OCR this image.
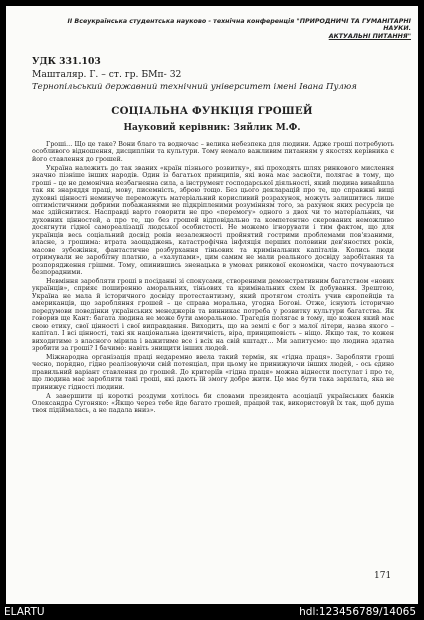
ІІ Всеукраїнська студентська науково - технічна конференція "ПРИРОДНИЧІ ТА ГУМАНІТАРНІ НАУКИ.
АКТУАЛЬНІ ПИТАННЯ"
УДК 331.103
Машталяр. Г. – ст. гр. БМп- 32
Тернопільський державний технічний університет імені Івана Пулюя
СОЦІАЛЬНА ФУНКЦІЯ ГРОШЕЙ
Науковий керівник: Зяйлик М.Ф.

Гроші… Що це таке? Вони благо та водночас – велика небезпека для людини. Адже гроші потребують особливого відношення, дисципліни та культури. Тому немало важливим питанням у якостях керівника є його ставлення до грошей.

Україна належить до так званих «країн пізнього розвитку», які проходять шлях ринкового мислення значно пізніше інших народів. Один із багатьох принципів, які вона має засвоїти, полягає в тому, що гроші – це не демонічна незбагненна сила, а інструмент господарської діяльності, який людина винайшла так як знаряддя праці, мову, писемність, зброю тощо. Без цього декларацій про те, що справжні вищі духовні цінності неминуче переможуть матеріальний корисливий розрахунок, можуть залишитись лише оптимістичними добрими побажаннями не підкріпленими розумінням того, за рахунок яких ресурсів це має здійснитися. Насправді варто говорити не про «перемогу» одного з двох чи то матеріальних, чи духовних цінностей, а про те, що без грошей відповідально та компетентно скерованих неможливо досягнути гідної самореалізації людської особистості. Не можемо ігнорувати і тим фактом, що для українців весь соціальний досвід років незалежності пройнятий гострими проблемами пов'язаними, власне, з грошима: втрата заощаджень, катастрофічна інфляція перших половини дев'яностих років, масове зубожіння, фантастичне розбурхання тіньових та кримінальних капіталів. Колись люди отримували не заробітну платню, а «халупами», цим самим не мали реального досвіду заробітання та розпорядження грішми. Тому, опинившись зненацька в умовах ринкової економіки, часто почуваються безпорадними.

Невміння заробляти гроші в посіданні зі спокусами, створеними демонстративним багатством «нових українців», сприяє поширенню аморальних, тіньових та кримінальних схем їх добування. Зрештою, Україна не мала й історичного досвіду протестантизму, який протягом століть учив європейців та американців, що заробляння грошей – це справа моральна, угодна Богові. Отже, існують історично передумови поведінки українських менеджерів та винникає потреба у розвитку культури багатства. Як говорив ще Кант: багата людина не може бути аморальною. Трагедія полягає в тому, що кожен який має свою етику, свої цінності і свої виправдання. Виходить, що на землі є бог з малої літери, назва якого – капітал. І всі цінності, такі як національна ідентичність, віра, принциповість – ніщо. Якщо так, то кожен виходитиме з власного мірила і важитиме все і всіх на свій кштадт... Ми запитуємо: що людина здатна зробити за гроші? І бачимо: навіть знищити інших людей.

Міжнародна організація праці недаремно ввела такий термін, як «гідна праця». Заробляти гроші чесно, порядно, гідно реалізовуючи свій потенціал, при цьому не принижуючи інших людей, - ось єдино правильний варіант ставлення до грошей. До критеріїв «гідна праця» можна віднести постулат і про те, що людина має заробляти такі гроші, які дають їй змогу добре жити. Це має бути така зарплата, яка не принижує гідності людини.

А завершити ці короткі роздуми хотілось би словами президента асоціації українських банків Олександра Сугоняко: «Якщо через тебе йде багато грошей, працюй так, використовуй їх так, щоб душа твоя підіймалась, а не падала вниз».

171
ELARTU	hdl:123456789/14065
